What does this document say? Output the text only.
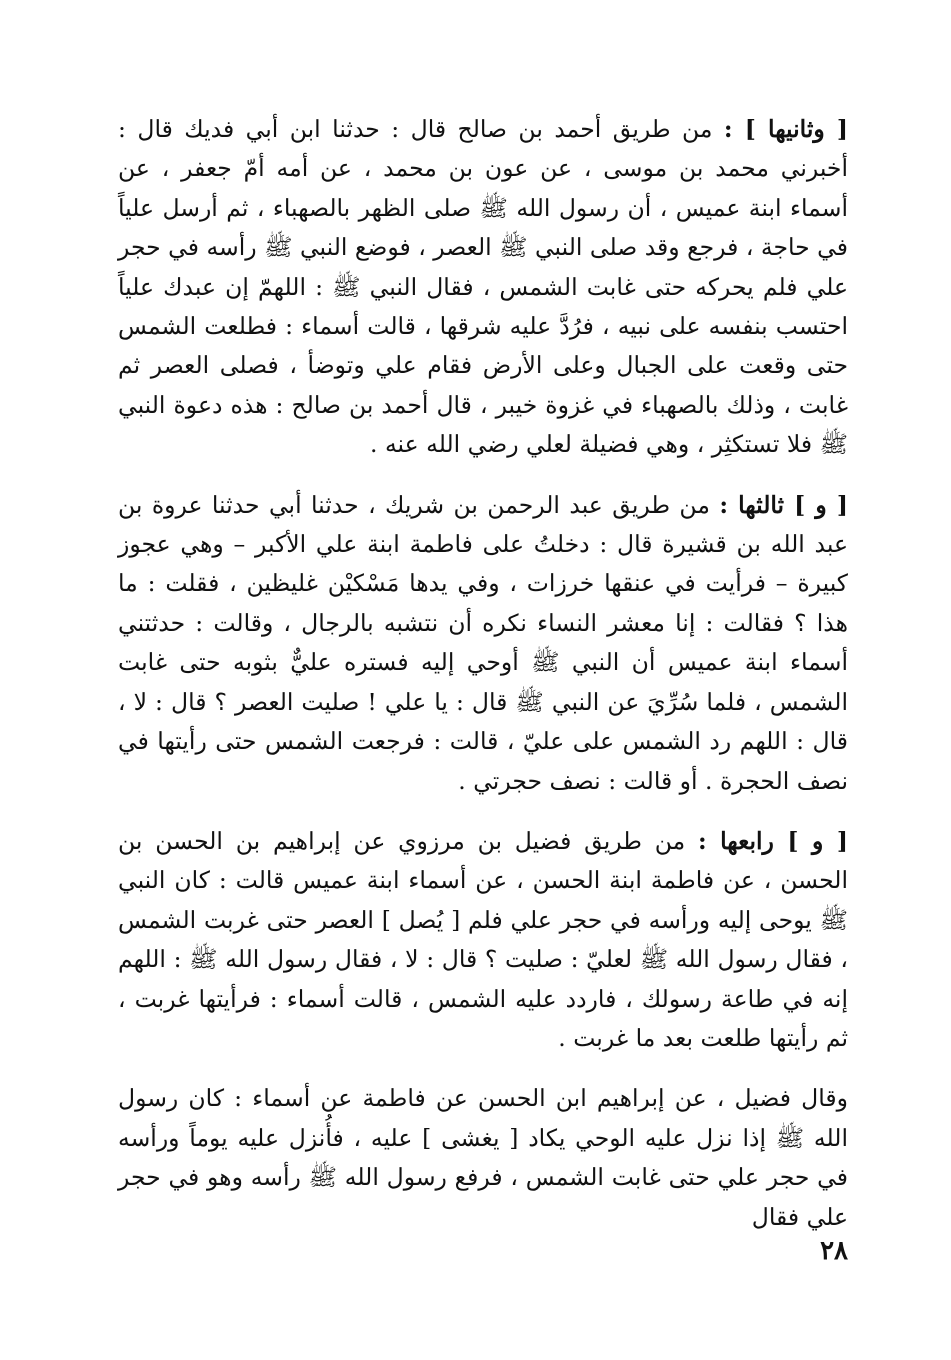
[ وثانيها ] : من طريق أحمد بن صالح قال : حدثنا ابن أبي فديك قال : أخبرني محمد بن موسى ، عن عون بن محمد ، عن أمه أمّ جعفر ، عن أسماء ابنة عميس ، أن رسول الله ﷺ صلى الظهر بالصهباء ، ثم أرسل علياً في حاجة ، فرجع وقد صلى النبي ﷺ العصر ، فوضع النبي ﷺ رأسه في حجر علي فلم يحركه حتى غابت الشمس ، فقال النبي ﷺ : اللهمّ إن عبدك علياً احتسب بنفسه على نبيه ، فرُدَّ عليه شرقها ، قالت أسماء : فطلعت الشمس حتى وقعت على الجبال وعلى الأرض فقام علي وتوضأ ، فصلى العصر ثم غابت ، وذلك بالصهباء في غزوة خيبر ، قال أحمد بن صالح : هذه دعوة النبي ﷺ فلا تستكثِر ، وهي فضيلة لعلي رضي الله عنه .

[ و ] ثالثها : من طريق عبد الرحمن بن شريك ، حدثنا أبي حدثنا عروة بن عبد الله بن قشيرة قال : دخلتُ على فاطمة ابنة علي الأكبر – وهي عجوز كبيرة – فرأيت في عنقها خرزات ، وفي يدها مَسْكيْن غليظين ، فقلت : ما هذا ؟ فقالت : إنا معشر النساء نكره أن نتشبه بالرجال ، وقالت : حدثتني أسماء ابنة عميس أن النبي ﷺ أوحي إليه فستره عليٌّ بثوبه حتى غابت الشمس ، فلما سُرِّيَ عن النبي ﷺ قال : يا علي ! صليت العصر ؟ قال : لا ، قال : اللهم رد الشمس على عليّ ، قالت : فرجعت الشمس حتى رأيتها في نصف الحجرة . أو قالت : نصف حجرتي .

[ و ] رابعها : من طريق فضيل بن مرزوي عن إبراهيم بن الحسن بن الحسن ، عن فاطمة ابنة الحسن ، عن أسماء ابنة عميس قالت : كان النبي ﷺ يوحى إليه ورأسه في حجر علي فلم [ يُصل ] العصر حتى غربت الشمس ، فقال رسول الله ﷺ لعليّ : صليت ؟ قال : لا ، فقال رسول الله ﷺ : اللهم إنه في طاعة رسولك ، فاردد عليه الشمس ، قالت أسماء : فرأيتها غربت ، ثم رأيتها طلعت بعد ما غربت .

وقال فضيل ، عن إبراهيم ابن الحسن عن فاطمة عن أسماء : كان رسول الله ﷺ إذا نزل عليه الوحي يكاد [ يغشى ] عليه ، فأُنزل عليه يوماً ورأسه في حجر علي حتى غابت الشمس ، فرفع رسول الله ﷺ رأسه وهو في حجر علي فقال

٢٨
